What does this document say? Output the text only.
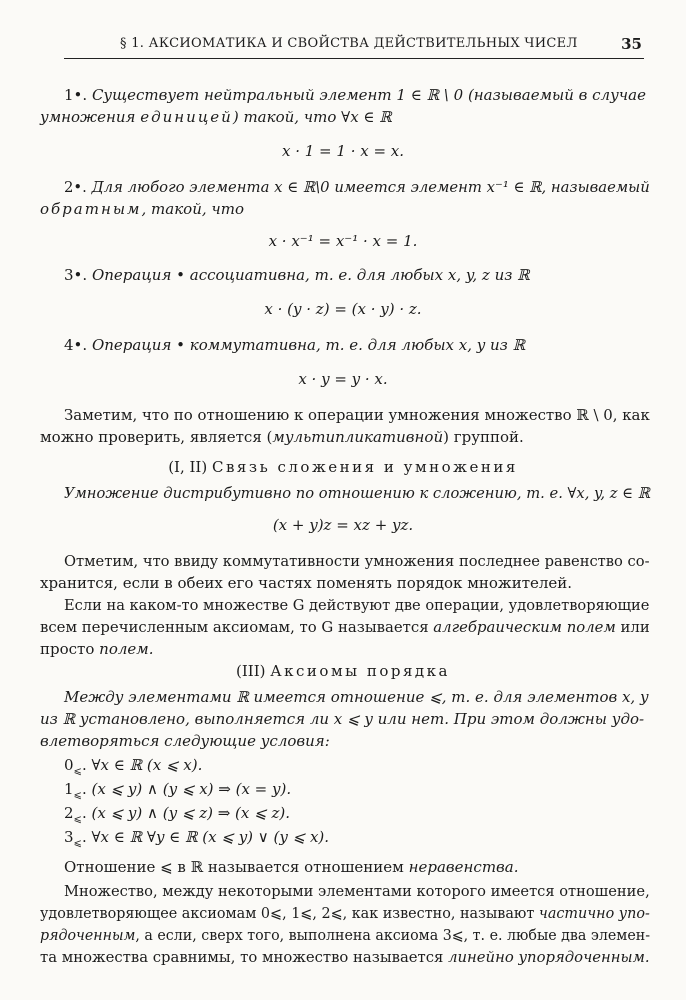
§ 1. АКСИОМАТИКА И СВОЙСТВА ДЕЙСТВИТЕЛЬНЫХ ЧИСЕЛ	35
1•. Существует нейтральный элемент 1 ∈ ℝ \ 0 (называемый в случае
умножения единицей) такой, что ∀x ∈ ℝ
x · 1 = 1 · x = x.
2•. Для любого элемента x ∈ ℝ\0 имеется элемент x⁻¹ ∈ ℝ, называемый
обратным, такой, что
x · x⁻¹ = x⁻¹ · x = 1.
3•. Операция • ассоциативна, т. е. для любых x, y, z из ℝ
x · (y · z) = (x · y) · z.
4•. Операция • коммутативна, т. е. для любых x, y из ℝ
x · y = y · x.
Заметим, что по отношению к операции умножения множество ℝ \ 0, как
можно проверить, является (мультипликативной) группой.
(I, II) Связь сложения и умножения
Умножение дистрибутивно по отношению к сложению, т. е. ∀x, y, z ∈ ℝ
(x + y)z = xz + yz.
Отметим, что ввиду коммутативности умножения последнее равенство со-
хранится, если в обеих его частях поменять порядок множителей.
Если на каком-то множестве G действуют две операции, удовлетворяющие
всем перечисленным аксиомам, то G называется алгебраическим полем или
просто полем.
(III) Аксиомы порядка
Между элементами ℝ имеется отношение ⩽, т. е. для элементов x, y
из ℝ установлено, выполняется ли x ⩽ y или нет. При этом должны удо-
влетворяться следующие условия:
$0_⩽$. ∀x ∈ ℝ (x ⩽ x).
$1_⩽$. (x ⩽ y) ∧ (y ⩽ x) ⇒ (x = y).
$2_⩽$. (x ⩽ y) ∧ (y ⩽ z) ⇒ (x ⩽ z).
$3_⩽$. ∀x ∈ ℝ ∀y ∈ ℝ (x ⩽ y) ∨ (y ⩽ x).
Отношение ⩽ в ℝ называется отношением неравенства.
Множество, между некоторыми элементами которого имеется отношение,
удовлетворяющее аксиомам 0⩽, 1⩽, 2⩽, как известно, называют частично упо-
рядоченным, а если, сверх того, выполнена аксиома 3⩽, т. е. любые два элемен-
та множества сравнимы, то множество называется линейно упорядоченным.
